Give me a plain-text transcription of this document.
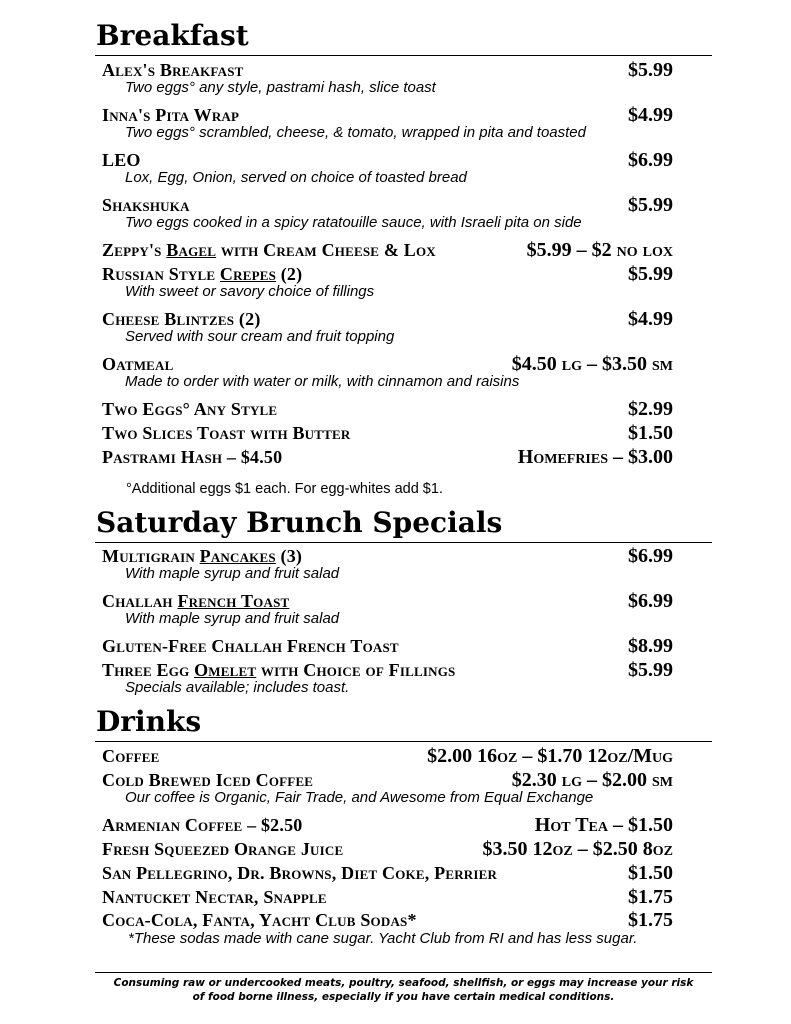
Breakfast
Alex's Breakfast	$5.99
Two eggs° any style, pastrami hash, slice toast
Inna's Pita Wrap	$4.99
Two eggs° scrambled, cheese, & tomato, wrapped in pita and toasted
LEO	$6.99
Lox, Egg, Onion, served on choice of toasted bread
Shakshuka	$5.99
Two eggs cooked in a spicy ratatouille sauce, with Israeli pita on side
Zeppy's Bagel with Cream Cheese & Lox	$5.99 – $2 no lox
Russian Style Crepes (2)	$5.99
With sweet or savory choice of fillings
Cheese Blintzes (2)	$4.99
Served with sour cream and fruit topping
Oatmeal	$4.50 lg – $3.50 sm
Made to order with water or milk, with cinnamon and raisins
Two Eggs° Any Style	$2.99
Two Slices Toast with Butter	$1.50
Pastrami Hash – $4.50	Homefries – $3.00
°Additional eggs $1 each. For egg-whites add $1.
Saturday Brunch Specials
Multigrain Pancakes (3)	$6.99
With maple syrup and fruit salad
Challah French Toast	$6.99
With maple syrup and fruit salad
Gluten-Free Challah French Toast	$8.99
Three Egg Omelet with Choice of Fillings	$5.99
Specials available; includes toast.
Drinks
Coffee	$2.00 16oz – $1.70 12oz/Mug
Cold Brewed Iced Coffee	$2.30 lg – $2.00 sm
Our coffee is Organic, Fair Trade, and Awesome from Equal Exchange
Armenian Coffee – $2.50	Hot Tea – $1.50
Fresh Squeezed Orange Juice	$3.50 12oz – $2.50 8oz
San Pellegrino, Dr. Browns, Diet Coke, Perrier	$1.50
Nantucket Nectar, Snapple	$1.75
Coca-Cola, Fanta, Yacht Club Sodas*	$1.75
*These sodas made with cane sugar. Yacht Club from RI and has less sugar.
Consuming raw or undercooked meats, poultry, seafood, shellfish, or eggs may increase your risk
of food borne illness, especially if you have certain medical conditions.
